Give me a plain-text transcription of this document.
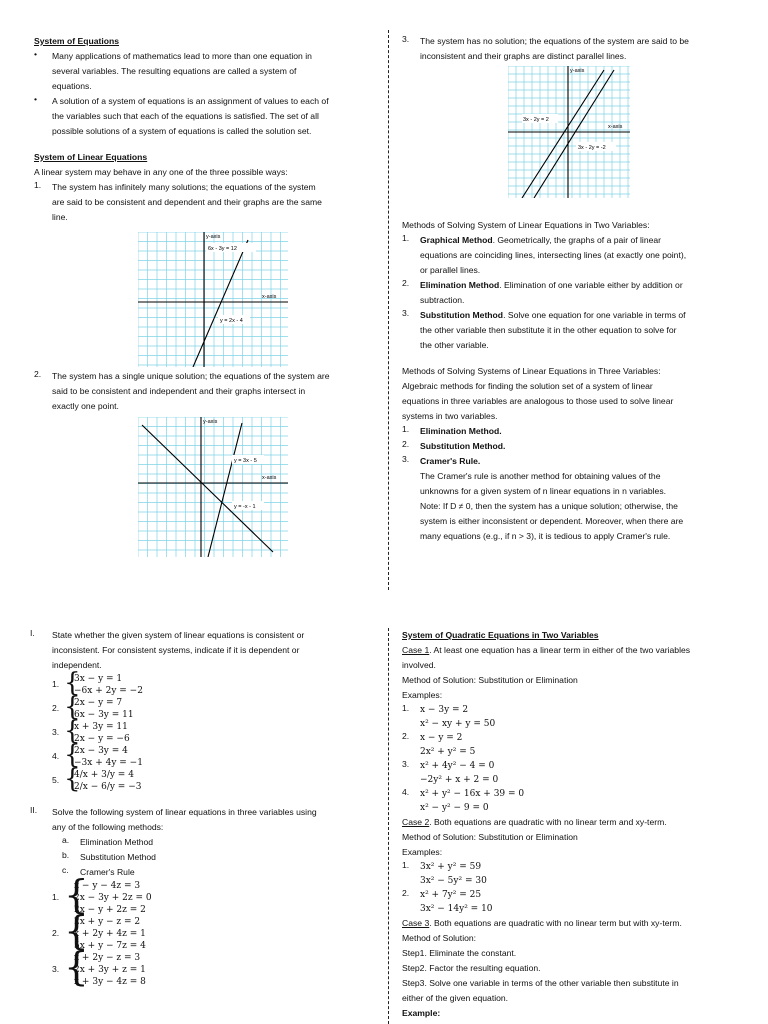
System of Equations
• Many applications of mathematics lead to more than one equation in
several variables. The resulting equations are called a system of
equations.
• A solution of a system of equations is an assignment of values to each of
the variables such that each of the equations is satisfied. The set of all
possible solutions of a system of equations is called the solution set.
System of Linear Equations
A linear system may behave in any one of the three possible ways:
1. The system has infinitely many solutions; the equations of the system
are said to be consistent and dependent and their graphs are the same
line.
y-axis
x-axis
6x - 3y = 12
y = 2x - 4
2. The system has a single unique solution; the equations of the system are
said to be consistent and independent and their graphs intersect in
exactly one point.
y-axis
x-axis
y = 3x - 5
y = -x - 1
3. The system has no solution; the equations of the system are said to be
inconsistent and their graphs are distinct parallel lines.
y-axis
x-axis
3x - 2y = 2
3x - 2y = -2
Methods of Solving System of Linear Equations in Two Variables:
1. Graphical Method. Geometrically, the graphs of a pair of linear
equations are coinciding lines, intersecting lines (at exactly one point),
or parallel lines.
2. Elimination Method. Elimination of one variable either by addition or
subtraction.
3. Substitution Method. Solve one equation for one variable in terms of
the other variable then substitute it in the other equation to solve for
the other variable.
Methods of Solving Systems of Linear Equations in Three Variables:
Algebraic methods for finding the solution set of a system of linear
equations in three variables are analogous to those used to solve linear
systems in two variables.
1. Elimination Method.
2. Substitution Method.
3. Cramer's Rule.
The Cramer's rule is another method for obtaining values of the
unknowns for a given system of n linear equations in n variables.
Note: If D ≠ 0, then the system has a unique solution; otherwise, the
system is either inconsistent or dependent. Moreover, when there are
many equations (e.g., if n > 3), it is tedious to apply Cramer's rule.
I. State whether the given system of linear equations is consistent or
inconsistent. For consistent systems, indicate if it is dependent or
independent.
1. {
3x − y = 1
−6x + 2y = −2
2. {
2x − y = 7
6x − 3y = 11
3. {
x + 3y = 11
2x − y = −6
4. {
2x − 3y = 4
−3x + 4y = −1
5. {
4/x + 3/y = 4
2/x − 6/y = −3
II. Solve the following system of linear equations in three variables using
any of the following methods:
a. Elimination Method
b. Substitution Method
c. Cramer's Rule
1. {
x − y − 4z = 3
2x − 3y + 2z = 0
2x − y + 2z = 2
2. {
2x + y − z = 2
x + 2y + 4z = 1
5x + y − 7z = 4
3. {
x + 2y − z = 3
2x + 3y + z = 1
x + 3y − 4z = 8
System of Quadratic Equations in Two Variables
Case 1. At least one equation has a linear term in either of the two variables
involved.
Method of Solution: Substitution or Elimination
Examples:
1. x − 3y = 2
x² − xy + y = 50
2. x − y = 2
2x² + y² = 5
3. x² + 4y² − 4 = 0
−2y² + x + 2 = 0
4. x² + y² − 16x + 39 = 0
x² − y² − 9 = 0
Case 2. Both equations are quadratic with no linear term and xy-term.
Method of Solution: Substitution or Elimination
Examples:
1. 3x² + y² = 59
3x² − 5y² = 30
2. x² + 7y² = 25
3x² − 14y² = 10
Case 3. Both equations are quadratic with no linear term but with xy-term.
Method of Solution:
Step1. Eliminate the constant.
Step2. Factor the resulting equation.
Step3. Solve one variable in terms of the other variable then substitute in
either of the given equation.
Example:
